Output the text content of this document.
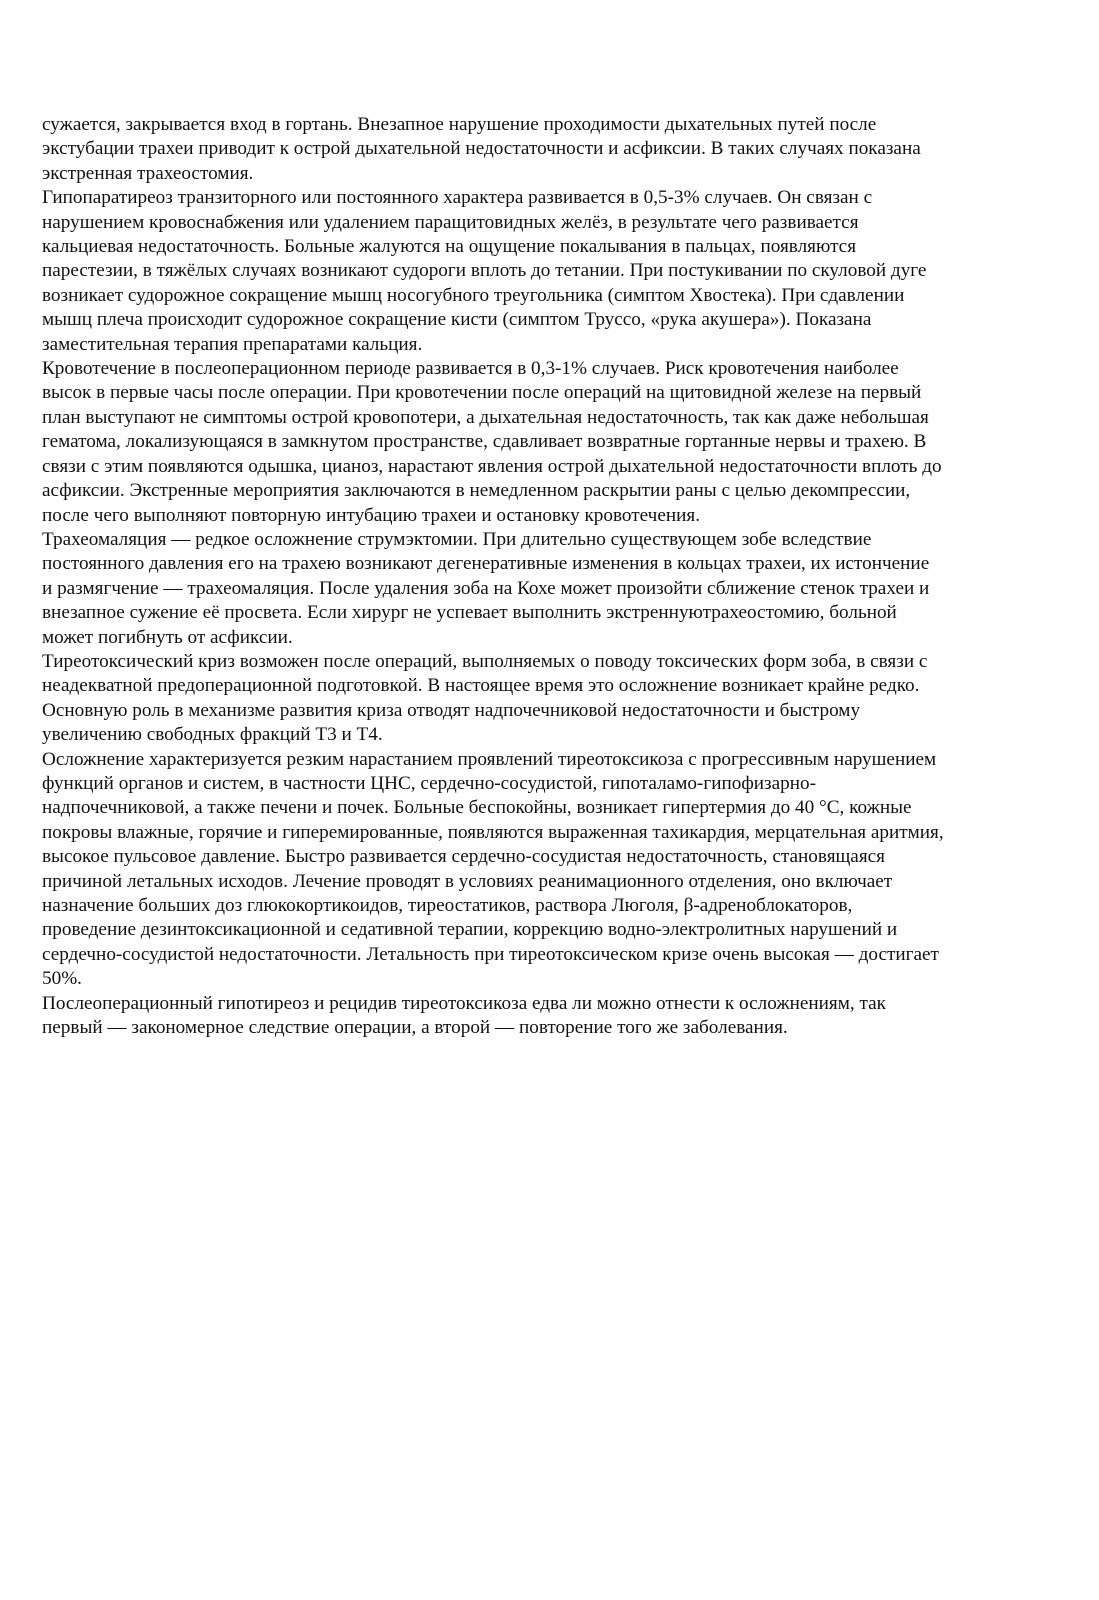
сужается, закрывается вход в гортань. Внезапное нарушение проходимости дыхательных путей после
экстубации трахеи приводит к острой дыхательной недостаточности и асфиксии. В таких случаях показана
экстренная трахеостомия.
Гипопаратиреоз транзиторного или постоянного характера развивается в 0,5-3% случаев. Он связан с
нарушением кровоснабжения или удалением паращитовидных желёз, в результате чего развивается
кальциевая недостаточность. Больные жалуются на ощущение покалывания в пальцах, появляются
парестезии, в тяжёлых случаях возникают судороги вплоть до тетании. При постукивании по скуловой дуге
возникает судорожное сокращение мышц носогубного треугольника (симптом Хвостека). При сдавлении
мышц плеча происходит судорожное сокращение кисти (симптом Труссо, «рука акушера»). Показана
заместительная терапия препаратами кальция.
Кровотечение в послеоперационном периоде развивается в 0,3-1% случаев. Риск кровотечения наиболее
высок в первые часы после операции. При кровотечении после операций на щитовидной железе на первый
план выступают не симптомы острой кровопотери, а дыхательная недостаточность, так как даже небольшая
гематома, локализующаяся в замкнутом пространстве, сдавливает возвратные гортанные нервы и трахею. В
связи с этим появляются одышка, цианоз, нарастают явления острой дыхательной недостаточности вплоть до
асфиксии. Экстренные мероприятия заключаются в немедленном раскрытии раны с целью декомпрессии,
после чего выполняют повторную интубацию трахеи и остановку кровотечения.
Трахеомаляция — редкое осложнение струмэктомии. При длительно существующем зобе вследствие
постоянного давления его на трахею возникают дегенеративные изменения в кольцах трахеи, их истончение
и размягчение — трахеомаляция. После удаления зоба на Кохе может произойти сближение стенок трахеи и
внезапное сужение её просвета. Если хирург не успевает выполнить экстреннуютрахеостомию, больной
может погибнуть от асфиксии.
Тиреотоксический криз возможен после операций, выполняемых о поводу токсических форм зоба, в связи с
неадекватной предоперационной подготовкой. В настоящее время это осложнение возникает крайне редко.
Основную роль в механизме развития криза отводят надпочечниковой недостаточности и быстрому
увеличению свободных фракций Т3 и Т4.
Осложнение характеризуется резким нарастанием проявлений тиреотоксикоза с прогрессивным нарушением
функций органов и систем, в частности ЦНС, сердечно-сосудистой, гипоталамо-гипофизарно-
надпочечниковой, а также печени и почек. Больные беспокойны, возникает гипертермия до 40 °С, кожные
покровы влажные, горячие и гиперемированные, появляются выраженная тахикардия, мерцательная аритмия,
высокое пульсовое давление. Быстро развивается сердечно-сосудистая недостаточность, становящаяся
причиной летальных исходов. Лечение проводят в условиях реанимационного отделения, оно включает
назначение больших доз глюкокортикоидов, тиреостатиков, раствора Люголя, β-адреноблокаторов,
проведение дезинтоксикационной и седативной терапии, коррекцию водно-электролитных нарушений и
сердечно-сосудистой недостаточности. Летальность при тиреотоксическом кризе очень высокая — достигает
50%.
Послеоперационный гипотиреоз и рецидив тиреотоксикоза едва ли можно отнести к осложнениям, так
первый — закономерное следствие операции, а второй — повторение того же заболевания.
